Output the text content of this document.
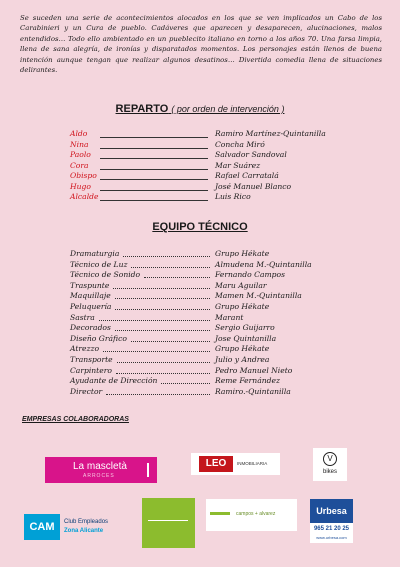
Se suceden una serie de acontecimientos alocados en los que se ven implicados un Cabo de los Carabinieri y un Cura de pueblo. Cadáveres que aparecen y desaparecen, alucinaciones, malos entendidos… Todo ello ambientado en un pueblecito italiano en torno a los años 70. Una farsa limpia, llena de sana alegría, de ironías y disparatados momentos. Los personajes están llenos de buena intención aunque tengan que realizar algunos desatinos… Divertida comedia llena de situaciones delirantes.
REPARTO ( por orden de intervención )
Aldo	Ramiro Martínez-Quintanilla
Nina	Concha Miró
Paolo	Salvador Sandoval
Cora	Mar Suárez
Obispo	Rafael Carratalá
Hugo	José Manuel Blanco
Alcalde	Luis Rico
EQUIPO TÉCNICO
Dramaturgia	Grupo Hékate
Técnico de Luz	Almudena M.-Quintanilla
Técnico de Sonido	Fernando Campos
Traspunte	Maru Aguilar
Maquillaje	Mamen M.-Quintanilla
Peluquería	Grupo Hékate
Sastra	Marant
Decorados	Sergio Guijarro
Diseño Gráfico	Jose Quintanilla
Atrezzo	Grupo Hékate
Transporte	Julio y Andrea
Carpintero	Pedro Manuel Nieto
Ayudante de Dirección	Reme Fernández
Director	Ramiro.-Quintanilla
EMPRESAS COLABORADORAS
La mascletà
ARROCES
LEO	INMOBILIARIA
V
bikes
CAM	Club Empleados
Zona Alicante
campos + alvarez	Urbesa
965 21 20 25
www.urbesa.com
